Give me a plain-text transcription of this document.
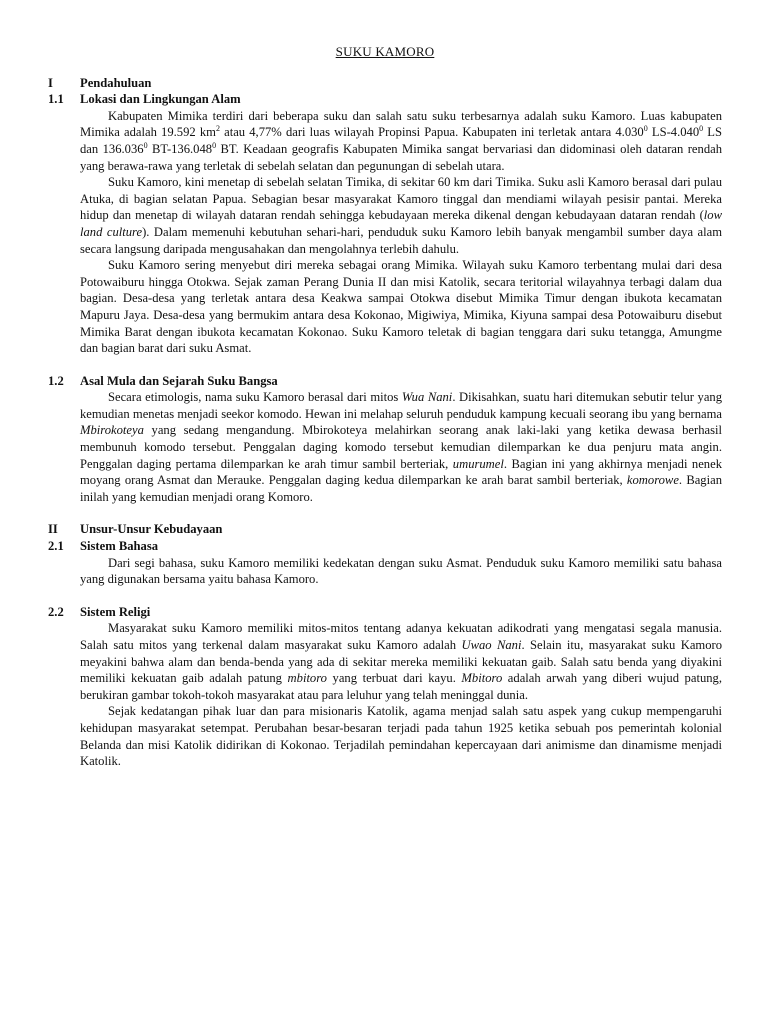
SUKU KAMORO
I	Pendahuluan
1.1	Lokasi dan Lingkungan Alam

Kabupaten Mimika terdiri dari beberapa suku dan salah satu suku terbesarnya adalah suku Kamoro. Luas kabupaten Mimika adalah 19.592 $km^2$ atau 4,77% dari luas wilayah Propinsi Papua. Kabupaten ini terletak antara 4.030$^0$ LS-4.040$^0$ LS dan 136.036$^0$ BT-136.048$^0$ BT. Keadaan geografis Kabupaten Mimika sangat bervariasi dan didominasi oleh dataran rendah yang berawa-rawa yang terletak di sebelah selatan dan pegunungan di sebelah utara.

Suku Kamoro, kini menetap di sebelah selatan Timika, di sekitar 60 km dari Timika. Suku asli Kamoro berasal dari pulau Atuka, di bagian selatan Papua. Sebagian besar masyarakat Kamoro tinggal dan mendiami wilayah pesisir pantai. Mereka hidup dan menetap di wilayah dataran rendah sehingga kebudayaan mereka dikenal dengan kebudayaan dataran rendah (low land culture). Dalam memenuhi kebutuhan sehari-hari, penduduk suku Kamoro lebih banyak mengambil sumber daya alam secara langsung daripada mengusahakan dan mengolahnya terlebih dahulu.

Suku Kamoro sering menyebut diri mereka sebagai orang Mimika. Wilayah suku Kamoro terbentang mulai dari desa Potowaiburu hingga Otokwa. Sejak zaman Perang Dunia II dan misi Katolik, secara teritorial wilayahnya terbagi dalam dua bagian. Desa-desa yang terletak antara desa Keakwa sampai Otokwa disebut Mimika Timur dengan ibukota kecamatan Mapuru Jaya. Desa-desa yang bermukim antara desa Kokonao, Migiwiya, Mimika, Kiyuna sampai desa Potowaiburu disebut Mimika Barat dengan ibukota kecamatan Kokonao. Suku Kamoro teletak di bagian tenggara dari suku tetangga, Amungme dan bagian barat dari suku Asmat.

1.2	Asal Mula dan Sejarah Suku Bangsa

Secara etimologis, nama suku Kamoro berasal dari mitos Wua Nani. Dikisahkan, suatu hari ditemukan sebutir telur yang kemudian menetas menjadi seekor komodo. Hewan ini melahap seluruh penduduk kampung kecuali seorang ibu yang bernama Mbirokoteya yang sedang mengandung. Mbirokoteya melahirkan seorang anak laki-laki yang ketika dewasa berhasil membunuh komodo tersebut. Penggalan daging komodo tersebut kemudian dilemparkan ke dua penjuru mata angin. Penggalan daging pertama dilemparkan ke arah timur sambil berteriak, umurumel. Bagian ini yang akhirnya menjadi nenek moyang orang Asmat dan Merauke. Penggalan daging kedua dilemparkan ke arah barat sambil berteriak, komorowe. Bagian inilah yang kemudian menjadi orang Komoro.

II	Unsur-Unsur Kebudayaan
2.1	Sistem Bahasa

Dari segi bahasa, suku Kamoro memiliki kedekatan dengan suku Asmat. Penduduk suku Kamoro memiliki satu bahasa yang digunakan bersama yaitu bahasa Kamoro.

2.2	Sistem Religi

Masyarakat suku Kamoro memiliki mitos-mitos tentang adanya kekuatan adikodrati yang mengatasi segala manusia. Salah satu mitos yang terkenal dalam masyarakat suku Kamoro adalah Uwao Nani. Selain itu, masyarakat suku Kamoro meyakini bahwa alam dan benda-benda yang ada di sekitar mereka memiliki kekuatan gaib. Salah satu benda yang diyakini memiliki kekuatan gaib adalah patung mbitoro yang terbuat dari kayu. Mbitoro adalah arwah yang diberi wujud patung, berukiran gambar tokoh-tokoh masyarakat atau para leluhur yang telah meninggal dunia.

Sejak kedatangan pihak luar dan para misionaris Katolik, agama menjad salah satu aspek yang cukup mempengaruhi kehidupan masyarakat setempat. Perubahan besar-besaran terjadi pada tahun 1925 ketika sebuah pos pemerintah kolonial Belanda dan misi Katolik didirikan di Kokonao. Terjadilah pemindahan kepercayaan dari animisme dan dinamisme menjadi Katolik.
